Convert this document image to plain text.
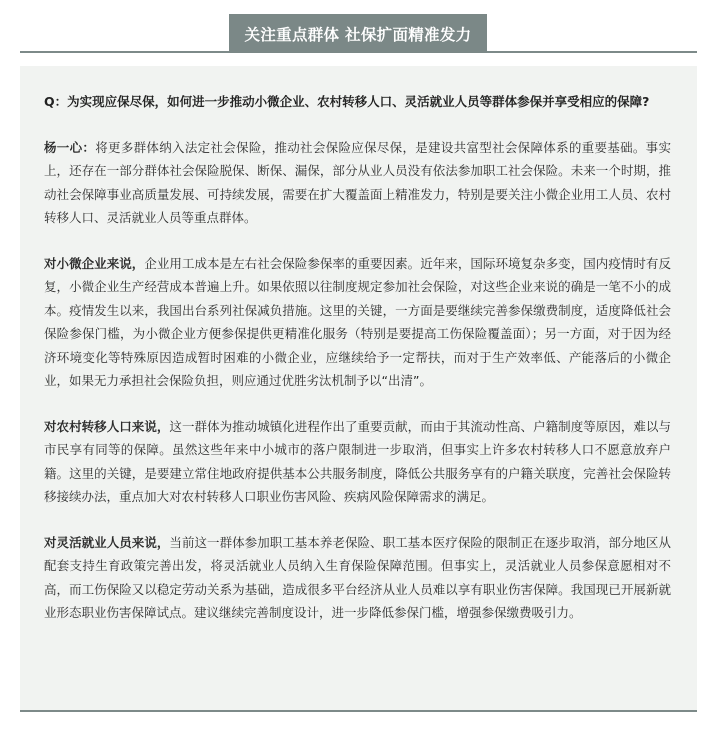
关注重点群体 社保扩面精准发力

Q：为实现应保尽保，如何进一步推动小微企业、农村转移人口、灵活就业人员等群体参保并享受相应的保障?

杨一心：将更多群体纳入法定社会保险，推动社会保险应保尽保，是建设共富型社会保障体系的重要基础。事实上，还存在一部分群体社会保险脱保、断保、漏保，部分从业人员没有依法参加职工社会保险。未来一个时期，推动社会保障事业高质量发展、可持续发展，需要在扩大覆盖面上精准发力，特别是要关注小微企业用工人员、农村转移人口、灵活就业人员等重点群体。

对小微企业来说，企业用工成本是左右社会保险参保率的重要因素。近年来，国际环境复杂多变，国内疫情时有反复，小微企业生产经营成本普遍上升。如果依照以往制度规定参加社会保险，对这些企业来说的确是一笔不小的成本。疫情发生以来，我国出台系列社保减负措施。这里的关键，一方面是要继续完善参保缴费制度，适度降低社会保险参保门槛，为小微企业方便参保提供更精准化服务（特别是要提高工伤保险覆盖面）；另一方面，对于因为经济环境变化等特殊原因造成暂时困难的小微企业，应继续给予一定帮扶，而对于生产效率低、产能落后的小微企业，如果无力承担社会保险负担，则应通过优胜劣汰机制予以“出清”。

对农村转移人口来说，这一群体为推动城镇化进程作出了重要贡献，而由于其流动性高、户籍制度等原因，难以与市民享有同等的保障。虽然这些年来中小城市的落户限制进一步取消，但事实上许多农村转移人口不愿意放弃户籍。这里的关键，是要建立常住地政府提供基本公共服务制度，降低公共服务享有的户籍关联度，完善社会保险转移接续办法，重点加大对农村转移人口职业伤害风险、疾病风险保障需求的满足。

对灵活就业人员来说，当前这一群体参加职工基本养老保险、职工基本医疗保险的限制正在逐步取消，部分地区从配套支持生育政策完善出发，将灵活就业人员纳入生育保险保障范围。但事实上，灵活就业人员参保意愿相对不高，而工伤保险又以稳定劳动关系为基础，造成很多平台经济从业人员难以享有职业伤害保障。我国现已开展新就业形态职业伤害保障试点。建议继续完善制度设计，进一步降低参保门槛，增强参保缴费吸引力。
